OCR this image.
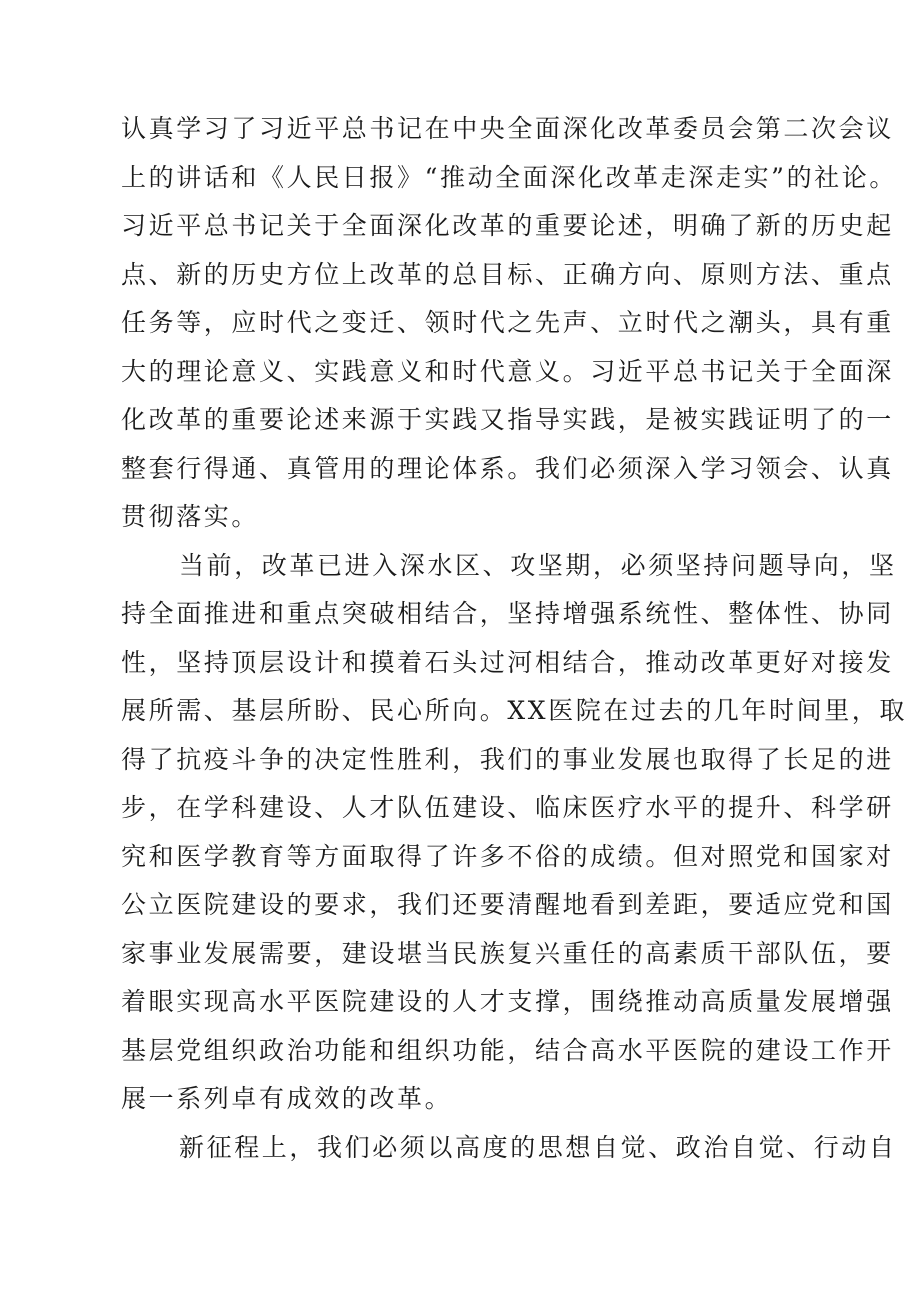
认真学习了习近平总书记在中央全面深化改革委员会第二次会议
上的讲话和《人民日报》“推动全面深化改革走深走实”的社论。
习近平总书记关于全面深化改革的重要论述，明确了新的历史起
点、新的历史方位上改革的总目标、正确方向、原则方法、重点
任务等，应时代之变迁、领时代之先声、立时代之潮头，具有重
大的理论意义、实践意义和时代意义。习近平总书记关于全面深
化改革的重要论述来源于实践又指导实践，是被实践证明了的一
整套行得通、真管用的理论体系。我们必须深入学习领会、认真
贯彻落实。
当前，改革已进入深水区、攻坚期，必须坚持问题导向，坚
持全面推进和重点突破相结合，坚持增强系统性、整体性、协同
性，坚持顶层设计和摸着石头过河相结合，推动改革更好对接发
展所需、基层所盼、民心所向。XX医院在过去的几年时间里，取
得了抗疫斗争的决定性胜利，我们的事业发展也取得了长足的进
步，在学科建设、人才队伍建设、临床医疗水平的提升、科学研
究和医学教育等方面取得了许多不俗的成绩。但对照党和国家对
公立医院建设的要求，我们还要清醒地看到差距，要适应党和国
家事业发展需要，建设堪当民族复兴重任的高素质干部队伍，要
着眼实现高水平医院建设的人才支撑，围绕推动高质量发展增强
基层党组织政治功能和组织功能，结合高水平医院的建设工作开
展一系列卓有成效的改革。
新征程上，我们必须以高度的思想自觉、政治自觉、行动自
